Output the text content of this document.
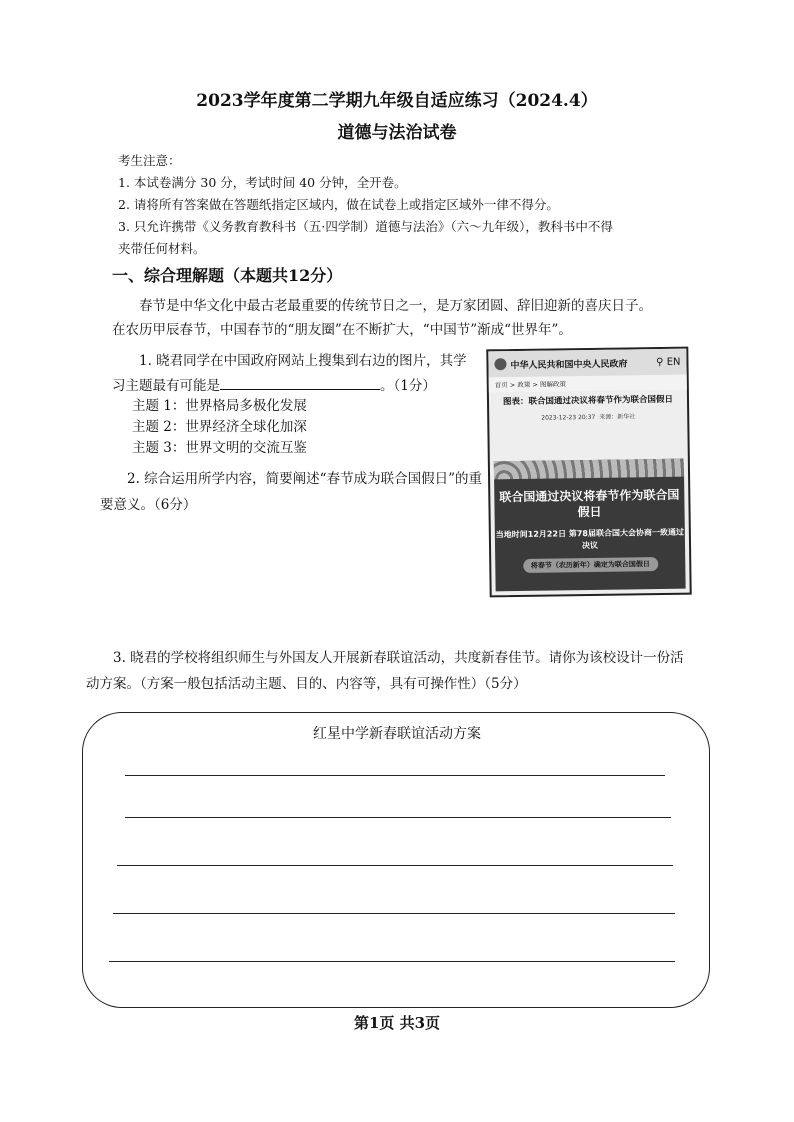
2023学年度第二学期九年级自适应练习（2024.4）
道德与法治试卷
考生注意：
1. 本试卷满分 30 分，考试时间 40 分钟，全开卷。
2. 请将所有答案做在答题纸指定区域内，做在试卷上或指定区域外一律不得分。
3. 只允许携带《义务教育教科书（五·四学制）道德与法治》（六～九年级），教科书中不得
夹带任何材料。
一、综合理解题（本题共12分）
春节是中华文化中最古老最重要的传统节日之一，是万家团圆、辞旧迎新的喜庆日子。在农历甲辰春节，中国春节的“朋友圈”在不断扩大，“中国节”渐成“世界年”。
1. 晓君同学在中国政府网站上搜集到右边的图片，其学习主题最有可能是	。（1分）
主题 1：世界格局多极化发展
主题 2：世界经济全球化加深
主题 3：世界文明的交流互鉴
2. 综合运用所学内容，简要阐述“春节成为联合国假日”的重要意义。（6分）
中华人民共和国中央人民政府	⚲ EN
首页 > 政策 > 图解政策
图表：联合国通过决议将春节作为联合国假日
2023-12-23 20:37 来源：新华社
联合国通过决议将春节作为联合国假日
当地时间12月22日 第78届联合国大会协商一致通过决议
将春节（农历新年）确定为联合国假日
3. 晓君的学校将组织师生与外国友人开展新春联谊活动，共度新春佳节。请你为该校设计一份活动方案。（方案一般包括活动主题、目的、内容等，具有可操作性）（5分）
红星中学新春联谊活动方案
第1页 共3页
